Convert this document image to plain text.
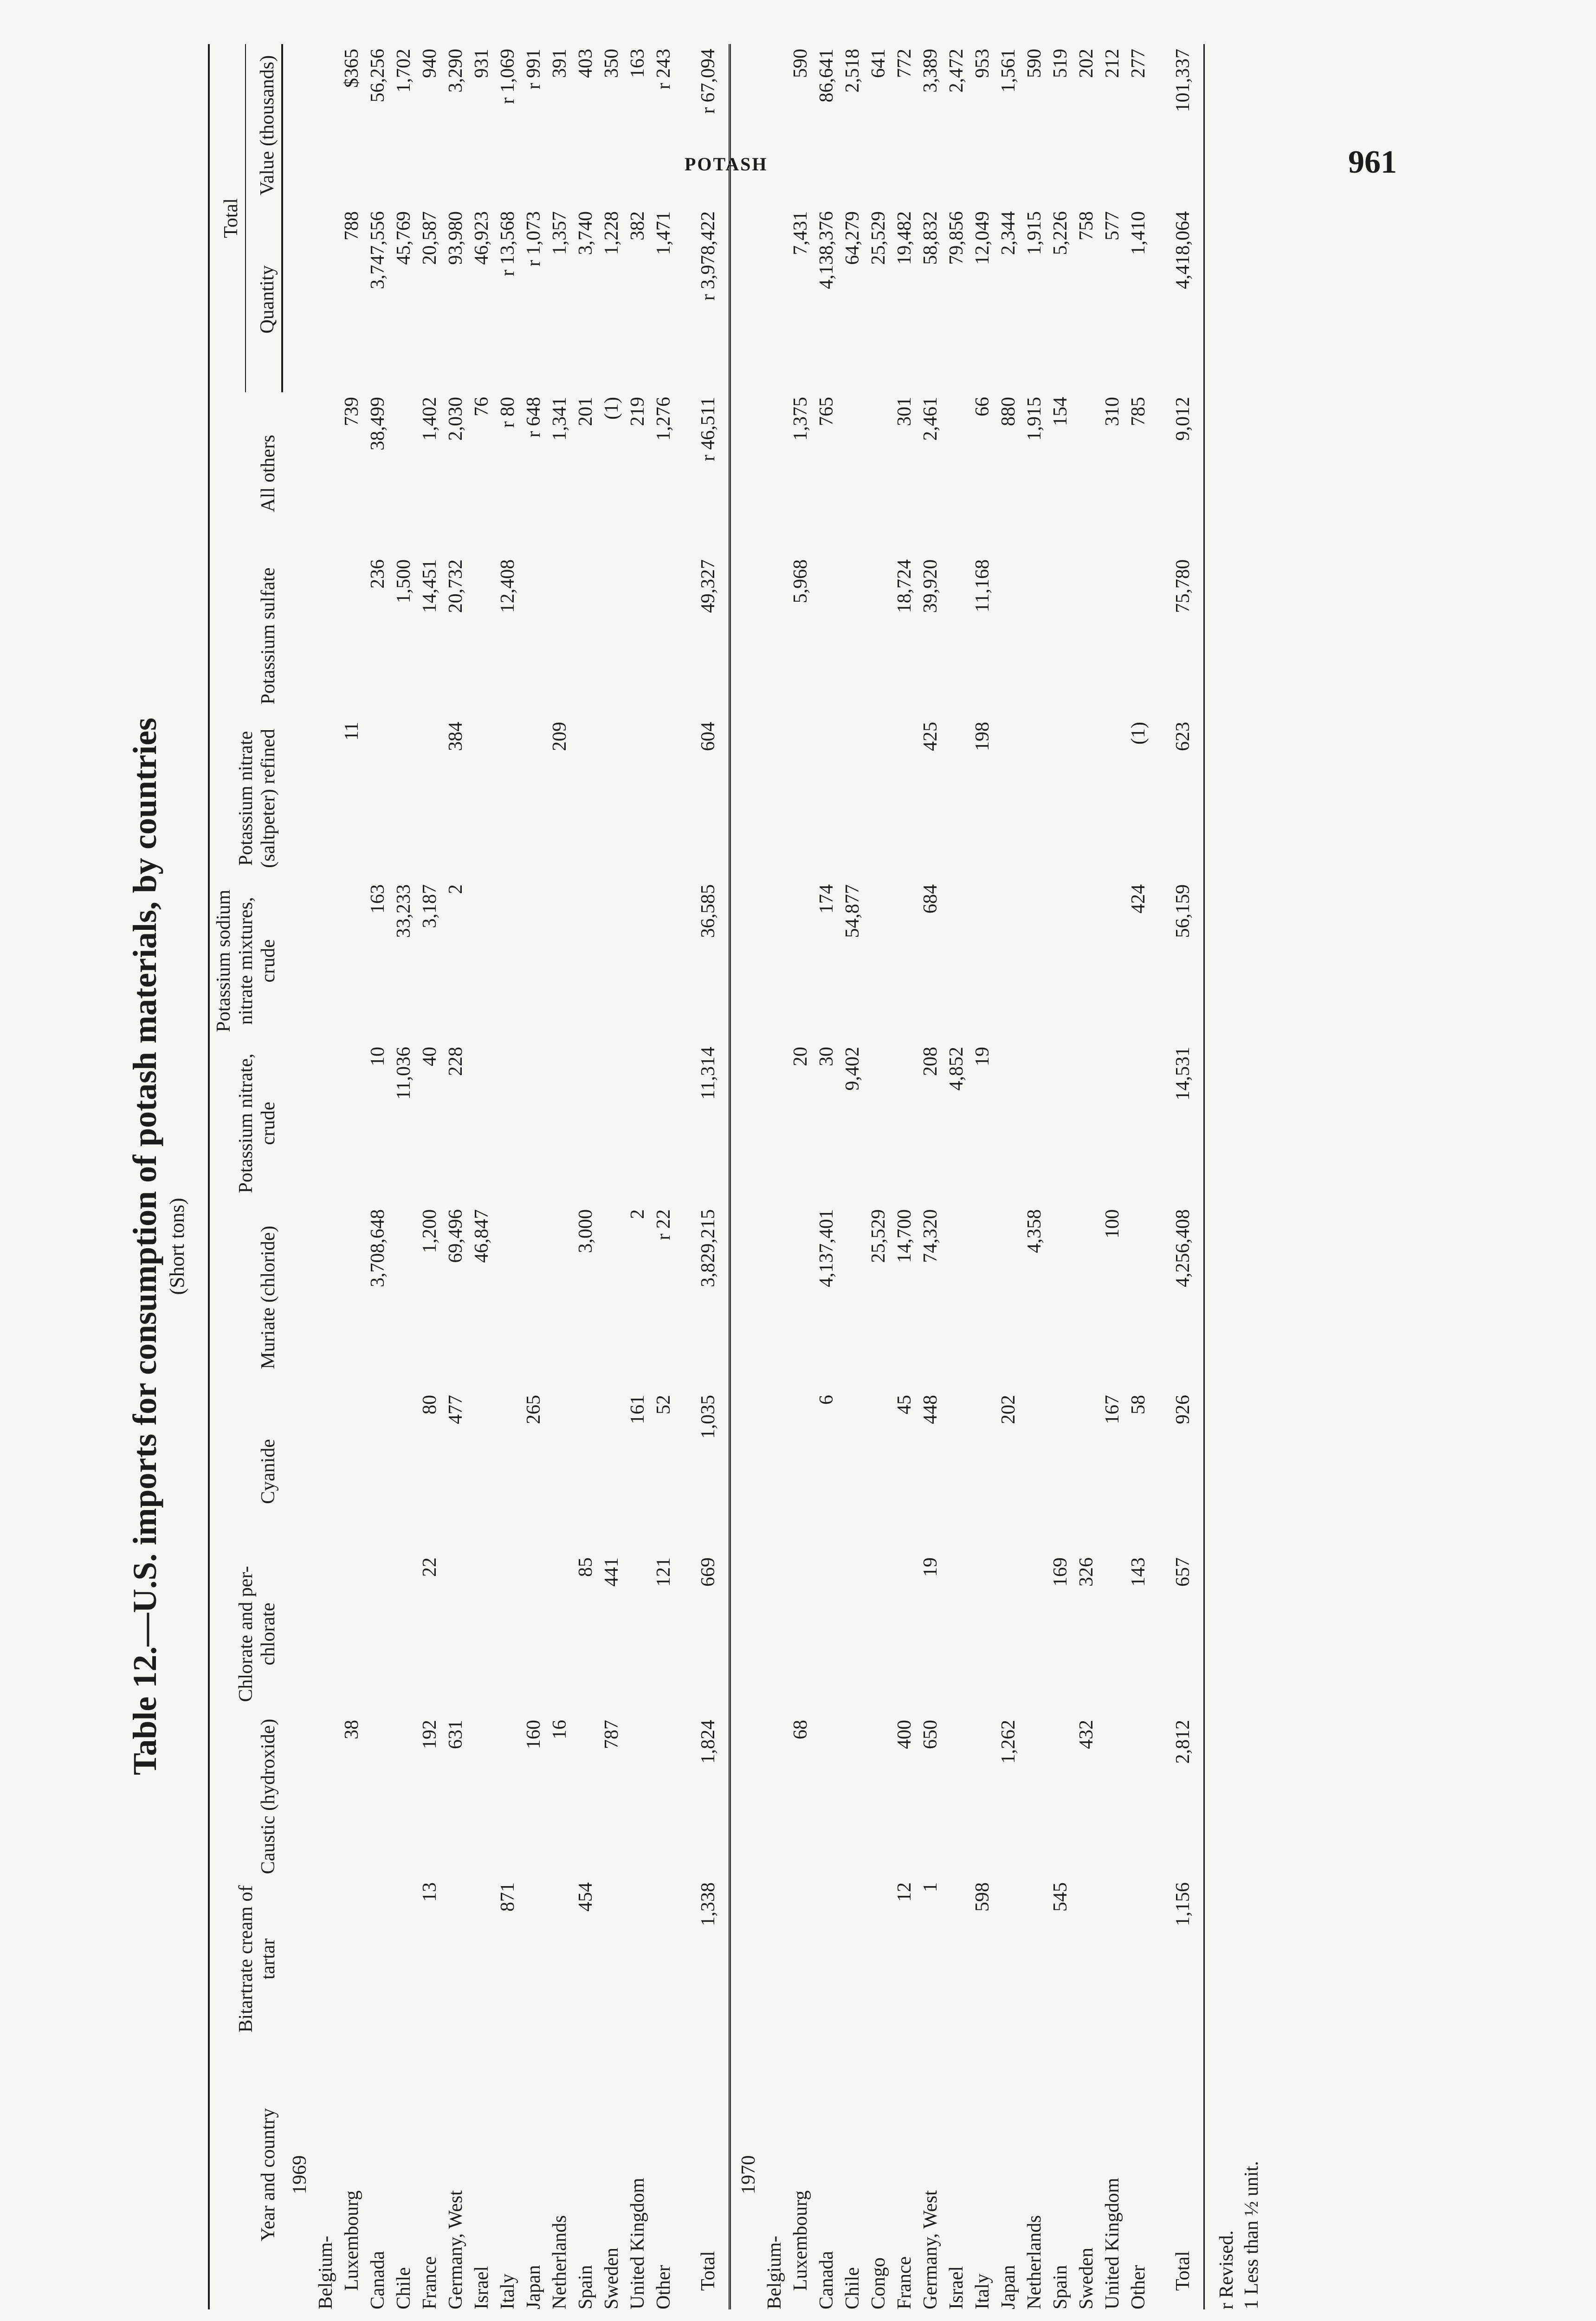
POTASH	961
Table 12.—U.S. imports for consumption of potash materials, by countries (Short tons)
Year and country	Bitartrate cream of tartar	Caustic (hydroxide)	Chlorate and per- chlorate	Cyanide	Muriate (chloride)	Potassium nitrate, crude	Potassium sodium nitrate mixtures, crude	Potassium nitrate (saltpeter) refined	Potassium sulfate	All others	Total	
											Quantity	Value (thousands)
1969												
Belgium-												
Luxembourg		38						11		739	788	$365
Canada					3,708,648	10	163		236	38,499	3,747,556	56,256
Chile						11,036	33,233		1,500		45,769	1,702
France	13	192	22	80	1,200	40	3,187		14,451	1,402	20,587	940
Germany, West		631		477	69,496	228	2	384	20,732	2,030	93,980	3,290
Israel					46,847					76	46,923	931
Italy	871								12,408	r 80	r 13,568	r 1,069
Japan		160		265						r 648	r 1,073	r 991
Netherlands		16						209		1,341	1,357	391
Spain	454		85		3,000					201	3,740	403
Sweden		787	441							(1)	1,228	350
United Kingdom				161	2					219	382	163
Other			121	52	r 22					1,276	1,471	r 243
Total	1,338	1,824	669	1,035	3,829,215	11,314	36,585	604	49,327	r 46,511	r 3,978,422	r 67,094
1970												
Belgium-												
Luxembourg		68				20			5,968	1,375	7,431	590
Canada				6	4,137,401	30	174			765	4,138,376	86,641
Chile						9,402	54,877				64,279	2,518
Congo					25,529						25,529	641
France	12	400		45	14,700				18,724	301	19,482	772
Germany, West	1	650	19	448	74,320	208	684	425	39,920	2,461	58,832	3,389
Israel						4,852					79,856	2,472
Italy	598					19		198	11,168	66	12,049	953
Japan		1,262		202						880	2,344	1,561
Netherlands					4,358					1,915	1,915	590
Spain	545		169							154	5,226	519
Sweden		432	326								758	202
United Kingdom				167	100					310	577	212
Other			143	58			424	(1)		785	1,410	277
Total	1,156	2,812	657	926	4,256,408	14,531	56,159	623	75,780	9,012	4,418,064	101,337
r Revised. 1 Less than ½ unit.
